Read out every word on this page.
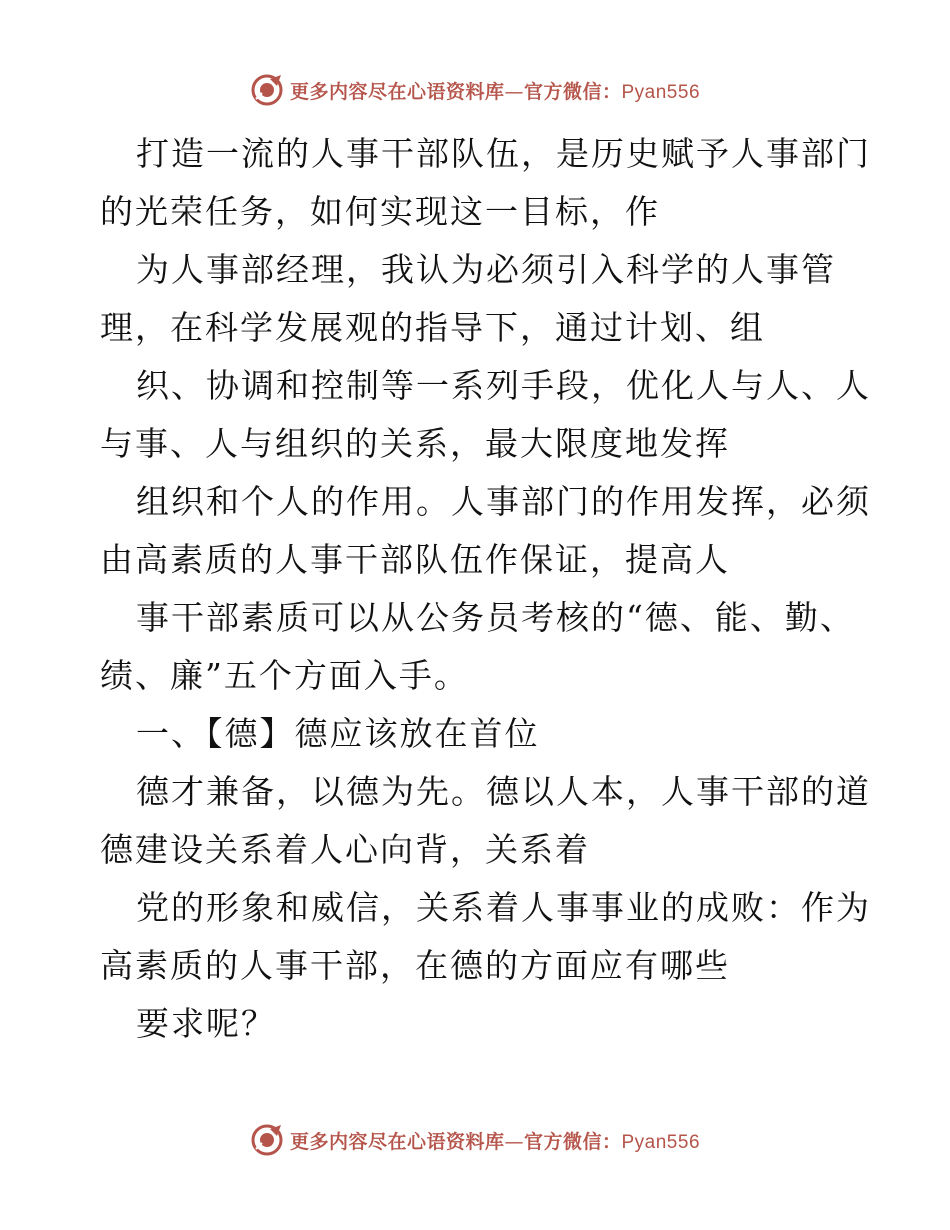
更多内容尽在心语资料库—官方微信：Pyan556
打造一流的人事干部队伍，是历史赋予人事部门
的光荣任务，如何实现这一目标，作
为人事部经理，我认为必须引入科学的人事管
理，在科学发展观的指导下，通过计划、组
织、协调和控制等一系列手段，优化人与人、人
与事、人与组织的关系，最大限度地发挥
组织和个人的作用。人事部门的作用发挥，必须
由高素质的人事干部队伍作保证，提高人
事干部素质可以从公务员考核的“德、能、勤、
绩、廉”五个方面入手。
一、【德】德应该放在首位
德才兼备，以德为先。德以人本，人事干部的道
德建设关系着人心向背，关系着
党的形象和威信，关系着人事事业的成败：作为
高素质的人事干部，在德的方面应有哪些
要求呢？
更多内容尽在心语资料库—官方微信：Pyan556
